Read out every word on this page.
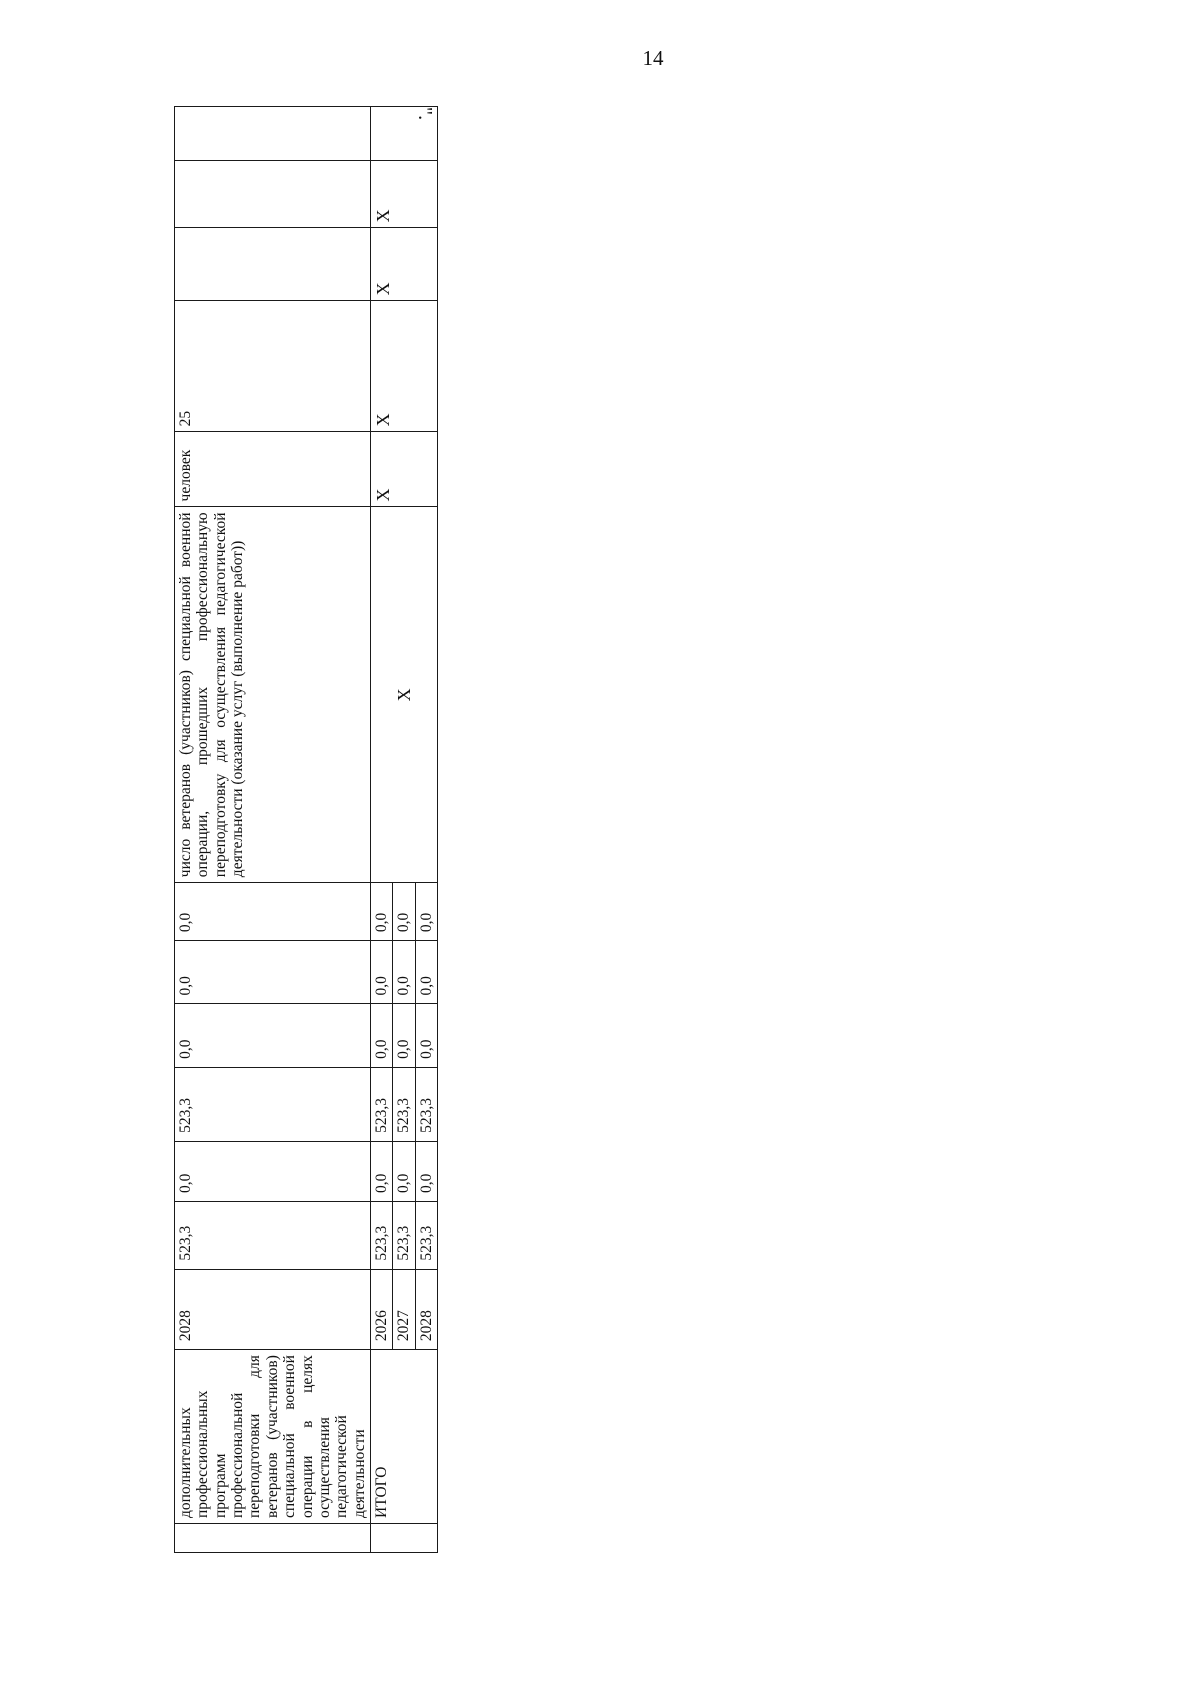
14
".
	дополнительных профессиональных программ профессиональной переподготовки для ветеранов (участников) специальной военной операции в целях осуществления педагогической деятельности	2028	523,3	0,0	523,3	0,0	0,0	0,0	число ветеранов (участников) специальной военной операции, прошедших профессиональную переподготовку для осуществления педагогической деятельности (оказание услуг (выполнение работ))	человек	25			
	ИТОГО	2026	523,3	0,0	523,3	0,0	0,0	0,0	Х	Х	Х	Х	Х	
		2027	523,3	0,0	523,3	0,0	0,0	0,0						
		2028	523,3	0,0	523,3	0,0	0,0	0,0						
